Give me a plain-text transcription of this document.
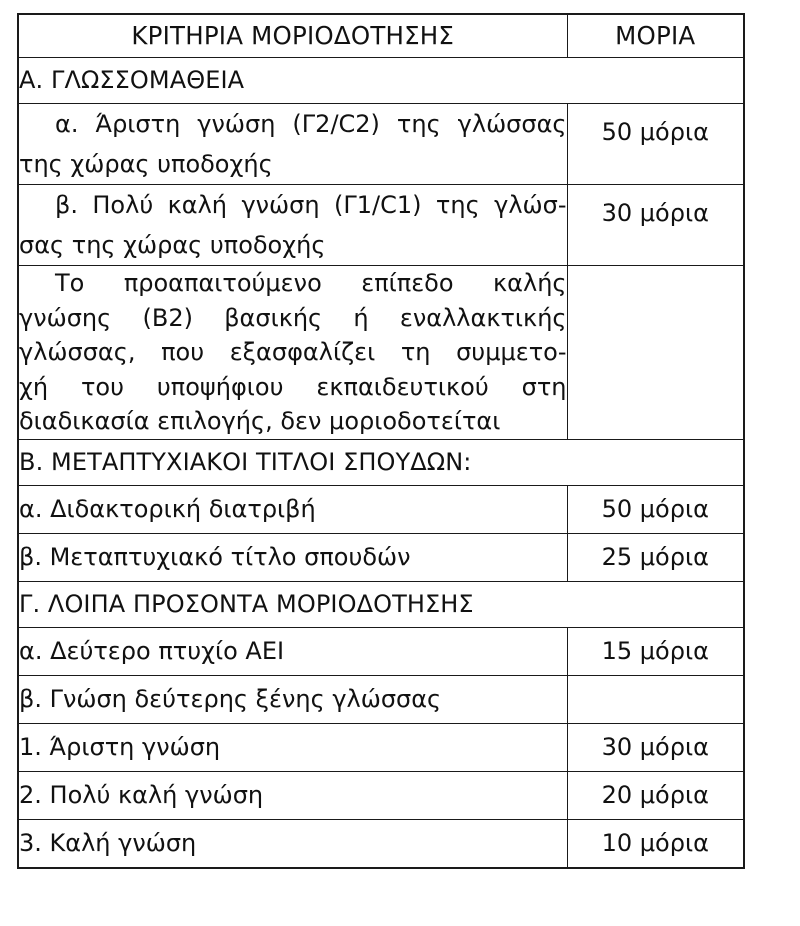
ΚΡΙΤΗΡΙΑ ΜΟΡΙΟΔΟΤΗΣΗΣ	ΜΟΡΙΑ
Α. ΓΛΩΣΣΟΜΑΘΕΙΑ	

α. Άριστη γνώση (Γ2/C2) της γλώσσας
της χώρας υποδοχής	50 μόρια

β. Πολύ καλή γνώση (Γ1/C1) της γλώσ-
σας της χώρας υποδοχής	30 μόρια

Το προαπαιτούμενο επίπεδο καλής
γνώσης (Β2) βασικής ή εναλλακτικής
γλώσσας, που εξασφαλίζει τη συμμετο-
χή του υποψήφιου εκπαιδευτικού στη
διαδικασία επιλογής, δεν μοριοδοτείται	

Β. ΜΕΤΑΠΤΥΧΙΑΚΟΙ ΤΙΤΛΟΙ ΣΠΟΥΔΩΝ:	
α. Διδακτορική διατριβή	50 μόρια
β. Μεταπτυχιακό τίτλο σπουδών	25 μόρια
Γ. ΛΟΙΠΑ ΠΡΟΣΟΝΤΑ ΜΟΡΙΟΔΟΤΗΣΗΣ	
α. Δεύτερο πτυχίο ΑΕΙ	15 μόρια
β. Γνώση δεύτερης ξένης γλώσσας	
1. Άριστη γνώση	30 μόρια
2. Πολύ καλή γνώση	20 μόρια
3. Καλή γνώση	10 μόρια
